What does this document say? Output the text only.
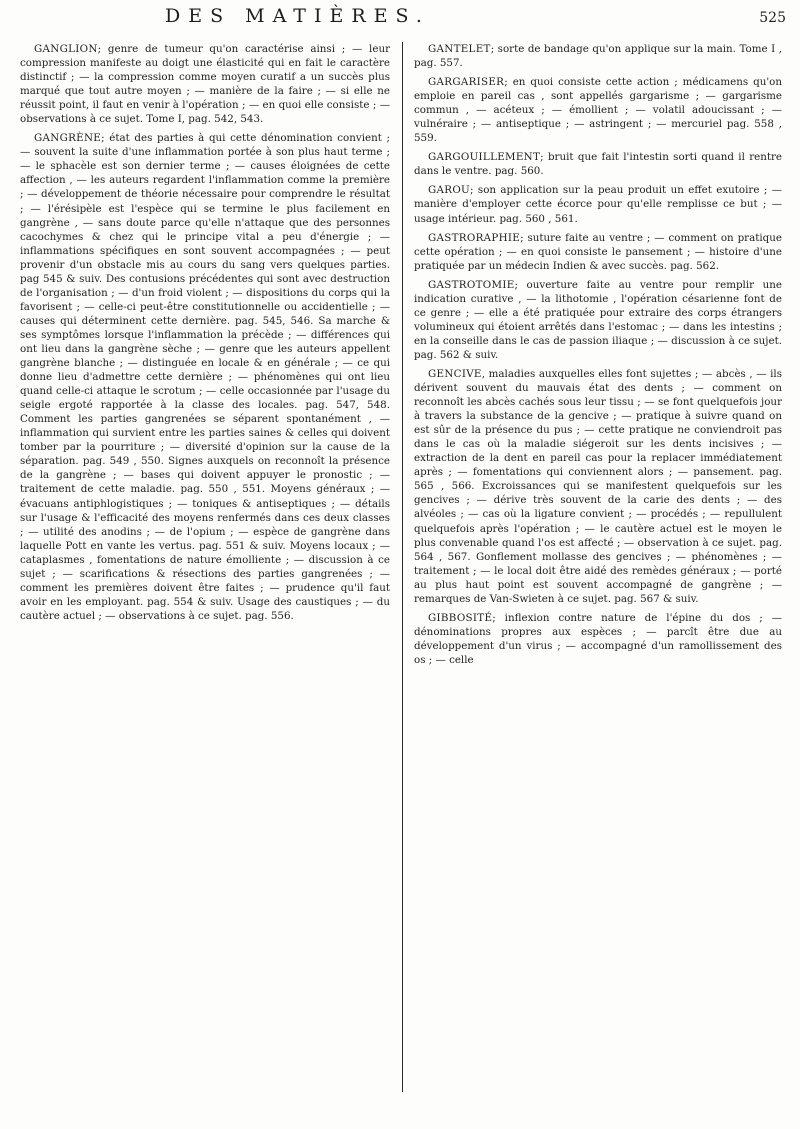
DES MATIÈRES.	525

GANGLION; genre de tumeur qu'on caractérise ainsi ; — leur compression manifeste au doigt une élasticité qui en fait le caractère distinctif ; — la compression comme moyen curatif a un succès plus marqué que tout autre moyen ; — manière de la faire ; — si elle ne réussit point, il faut en venir à l'opération ; — en quoi elle consiste ; — observations à ce sujet. Tome I, pag. 542, 543.

GANGRÈNE; état des parties à qui cette dénomination convient ; — souvent la suite d'une inflammation portée à son plus haut terme ; — le sphacèle est son dernier terme ; — causes éloignées de cette affection , — les auteurs regardent l'inflammation comme la première ; — développement de théorie nécessaire pour comprendre le résultat ; — l'érésipèle est l'espèce qui se termine le plus facilement en gangrène , — sans doute parce qu'elle n'attaque que des personnes cacochymes & chez qui le principe vital a peu d'énergie ; — inflammations spécifiques en sont souvent accompagnées ; — peut provenir d'un obstacle mis au cours du sang vers quelques parties. pag 545 & suiv. Des contusions précédentes qui sont avec destruction de l'organisation ; — d'un froid violent ; — dispositions du corps qui la favorisent ; — celle-ci peut-être constitutionnelle ou accidentielle ; — causes qui déterminent cette dernière. pag. 545, 546. Sa marche & ses symptômes lorsque l'inflammation la précède ; — différences qui ont lieu dans la gangrène sèche ; — genre que les auteurs appellent gangrène blanche ; — distinguée en locale & en générale ; — ce qui donne lieu d'admettre cette dernière ; — phénomènes qui ont lieu quand celle-ci attaque le scrotum ; — celle occasionnée par l'usage du seigle ergoté rapportée à la classe des locales. pag. 547, 548. Comment les parties gangrenées se séparent spontanément , — inflammation qui survient entre les parties saines & celles qui doivent tomber par la pourriture ; — diversité d'opinion sur la cause de la séparation. pag. 549 , 550. Signes auxquels on reconnoît la présence de la gangrène ; — bases qui doivent appuyer le pronostic ; — traitement de cette maladie. pag. 550 , 551. Moyens généraux ; — évacuans antiphlogistiques ; — toniques & antiseptiques ; — détails sur l'usage & l'efficacité des moyens renfermés dans ces deux classes ; — utilité des anodins ; — de l'opium ; — espèce de gangrène dans laquelle Pott en vante les vertus. pag. 551 & suiv. Moyens locaux ; — cataplasmes , fomentations de nature émolliente ; — discussion à ce sujet ; — scarifications & résections des parties gangrenées ; — comment les premières doivent être faites ; — prudence qu'il faut avoir en les employant. pag. 554 & suiv. Usage des caustiques ; — du cautère actuel ; — observations à ce sujet. pag. 556.

GANTELET; sorte de bandage qu'on applique sur la main. Tome I , pag. 557.

GARGARISER; en quoi consiste cette action ; médicamens qu'on emploie en pareil cas , sont appellés gargarisme ; — gargarisme commun , — acéteux ; — émollient ; — volatil adoucissant ; — vulnéraire ; — antiseptique ; — astringent ; — mercuriel pag. 558 , 559.

GARGOUILLEMENT; bruit que fait l'intestin sorti quand il rentre dans le ventre. pag. 560.

GAROU; son application sur la peau produit un effet exutoire ; — manière d'employer cette écorce pour qu'elle remplisse ce but ; — usage intérieur. pag. 560 , 561.

GASTRORAPHIE; suture faite au ventre ; — comment on pratique cette opération ; — en quoi consiste le pansement ; — histoire d'une pratiquée par un médecin Indien & avec succès. pag. 562.

GASTROTOMIE; ouverture faite au ventre pour remplir une indication curative , — la lithotomie , l'opération césarienne font de ce genre ; — elle a été pratiquée pour extraire des corps étrangers volumineux qui étoient arrêtés dans l'estomac ; — dans les intestins ; en la conseille dans le cas de passion iliaque ; — discussion à ce sujet. pag. 562 & suiv.

GENCIVE, maladies auxquelles elles font sujettes ; — abcès , — ils dérivent souvent du mauvais état des dents ; — comment on reconnoît les abcès cachés sous leur tissu ; — se font quelquefois jour à travers la substance de la gencive ; — pratique à suivre quand on est sûr de la présence du pus ; — cette pratique ne conviendroit pas dans le cas où la maladie siégeroit sur les dents incisives ; — extraction de la dent en pareil cas pour la replacer immédiatement après ; — fomentations qui conviennent alors ; — pansement. pag. 565 , 566. Excroissances qui se manifestent quelquefois sur les gencives ; — dérive très souvent de la carie des dents ; — des alvéoles ; — cas où la ligature convient ; — procédés ; — repullulent quelquefois après l'opération ; — le cautère actuel est le moyen le plus convenable quand l'os est affecté ; — observation à ce sujet. pag. 564 , 567. Gonflement mollasse des gencives ; — phénomènes ; — traitement ; — le local doit être aidé des remèdes généraux ; — porté au plus haut point est souvent accompagné de gangrène ; — remarques de Van-Swieten à ce sujet. pag. 567 & suiv.

GIBBOSITÉ; inflexion contre nature de l'épine du dos ; — dénominations propres aux espèces ; — parcît être due au développement d'un virus ; — accompagné d'un ramollissement des os ; — celle
